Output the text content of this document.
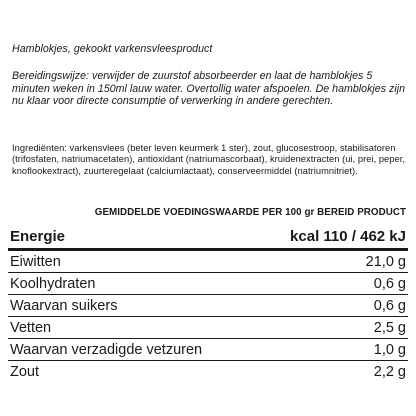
Hamblokjes, gekookt varkensvleesproduct
Bereidingswijze: verwijder de zuurstof absorbeerder en laat de hamblokjes 5 minuten weken in 150ml lauw water. Overtollig water afspoelen. De hamblokjes zijn nu klaar voor directe consumptie of verwerking in andere gerechten.
Ingrediënten: varkensvlees (beter leven keurmerk 1 ster), zout, glucosestroop, stabilisatoren (trifosfaten, natriumacetaten), antioxidant (natriumascorbaat), kruidenextracten (ui, prei, peper, knoflookextract), zuurteregelaat (calciumlactaat), conserveermiddel (natriumnitriet).
GEMIDDELDE VOEDINGSWAARDE PER 100 gr BEREID PRODUCT
Energie	kcal 110 / 462 kJ
Eiwitten	21,0 g
Koolhydraten	0,6 g
Waarvan suikers	0,6 g
Vetten	2,5 g
Waarvan verzadigde vetzuren	1,0 g
Zout	2,2 g
